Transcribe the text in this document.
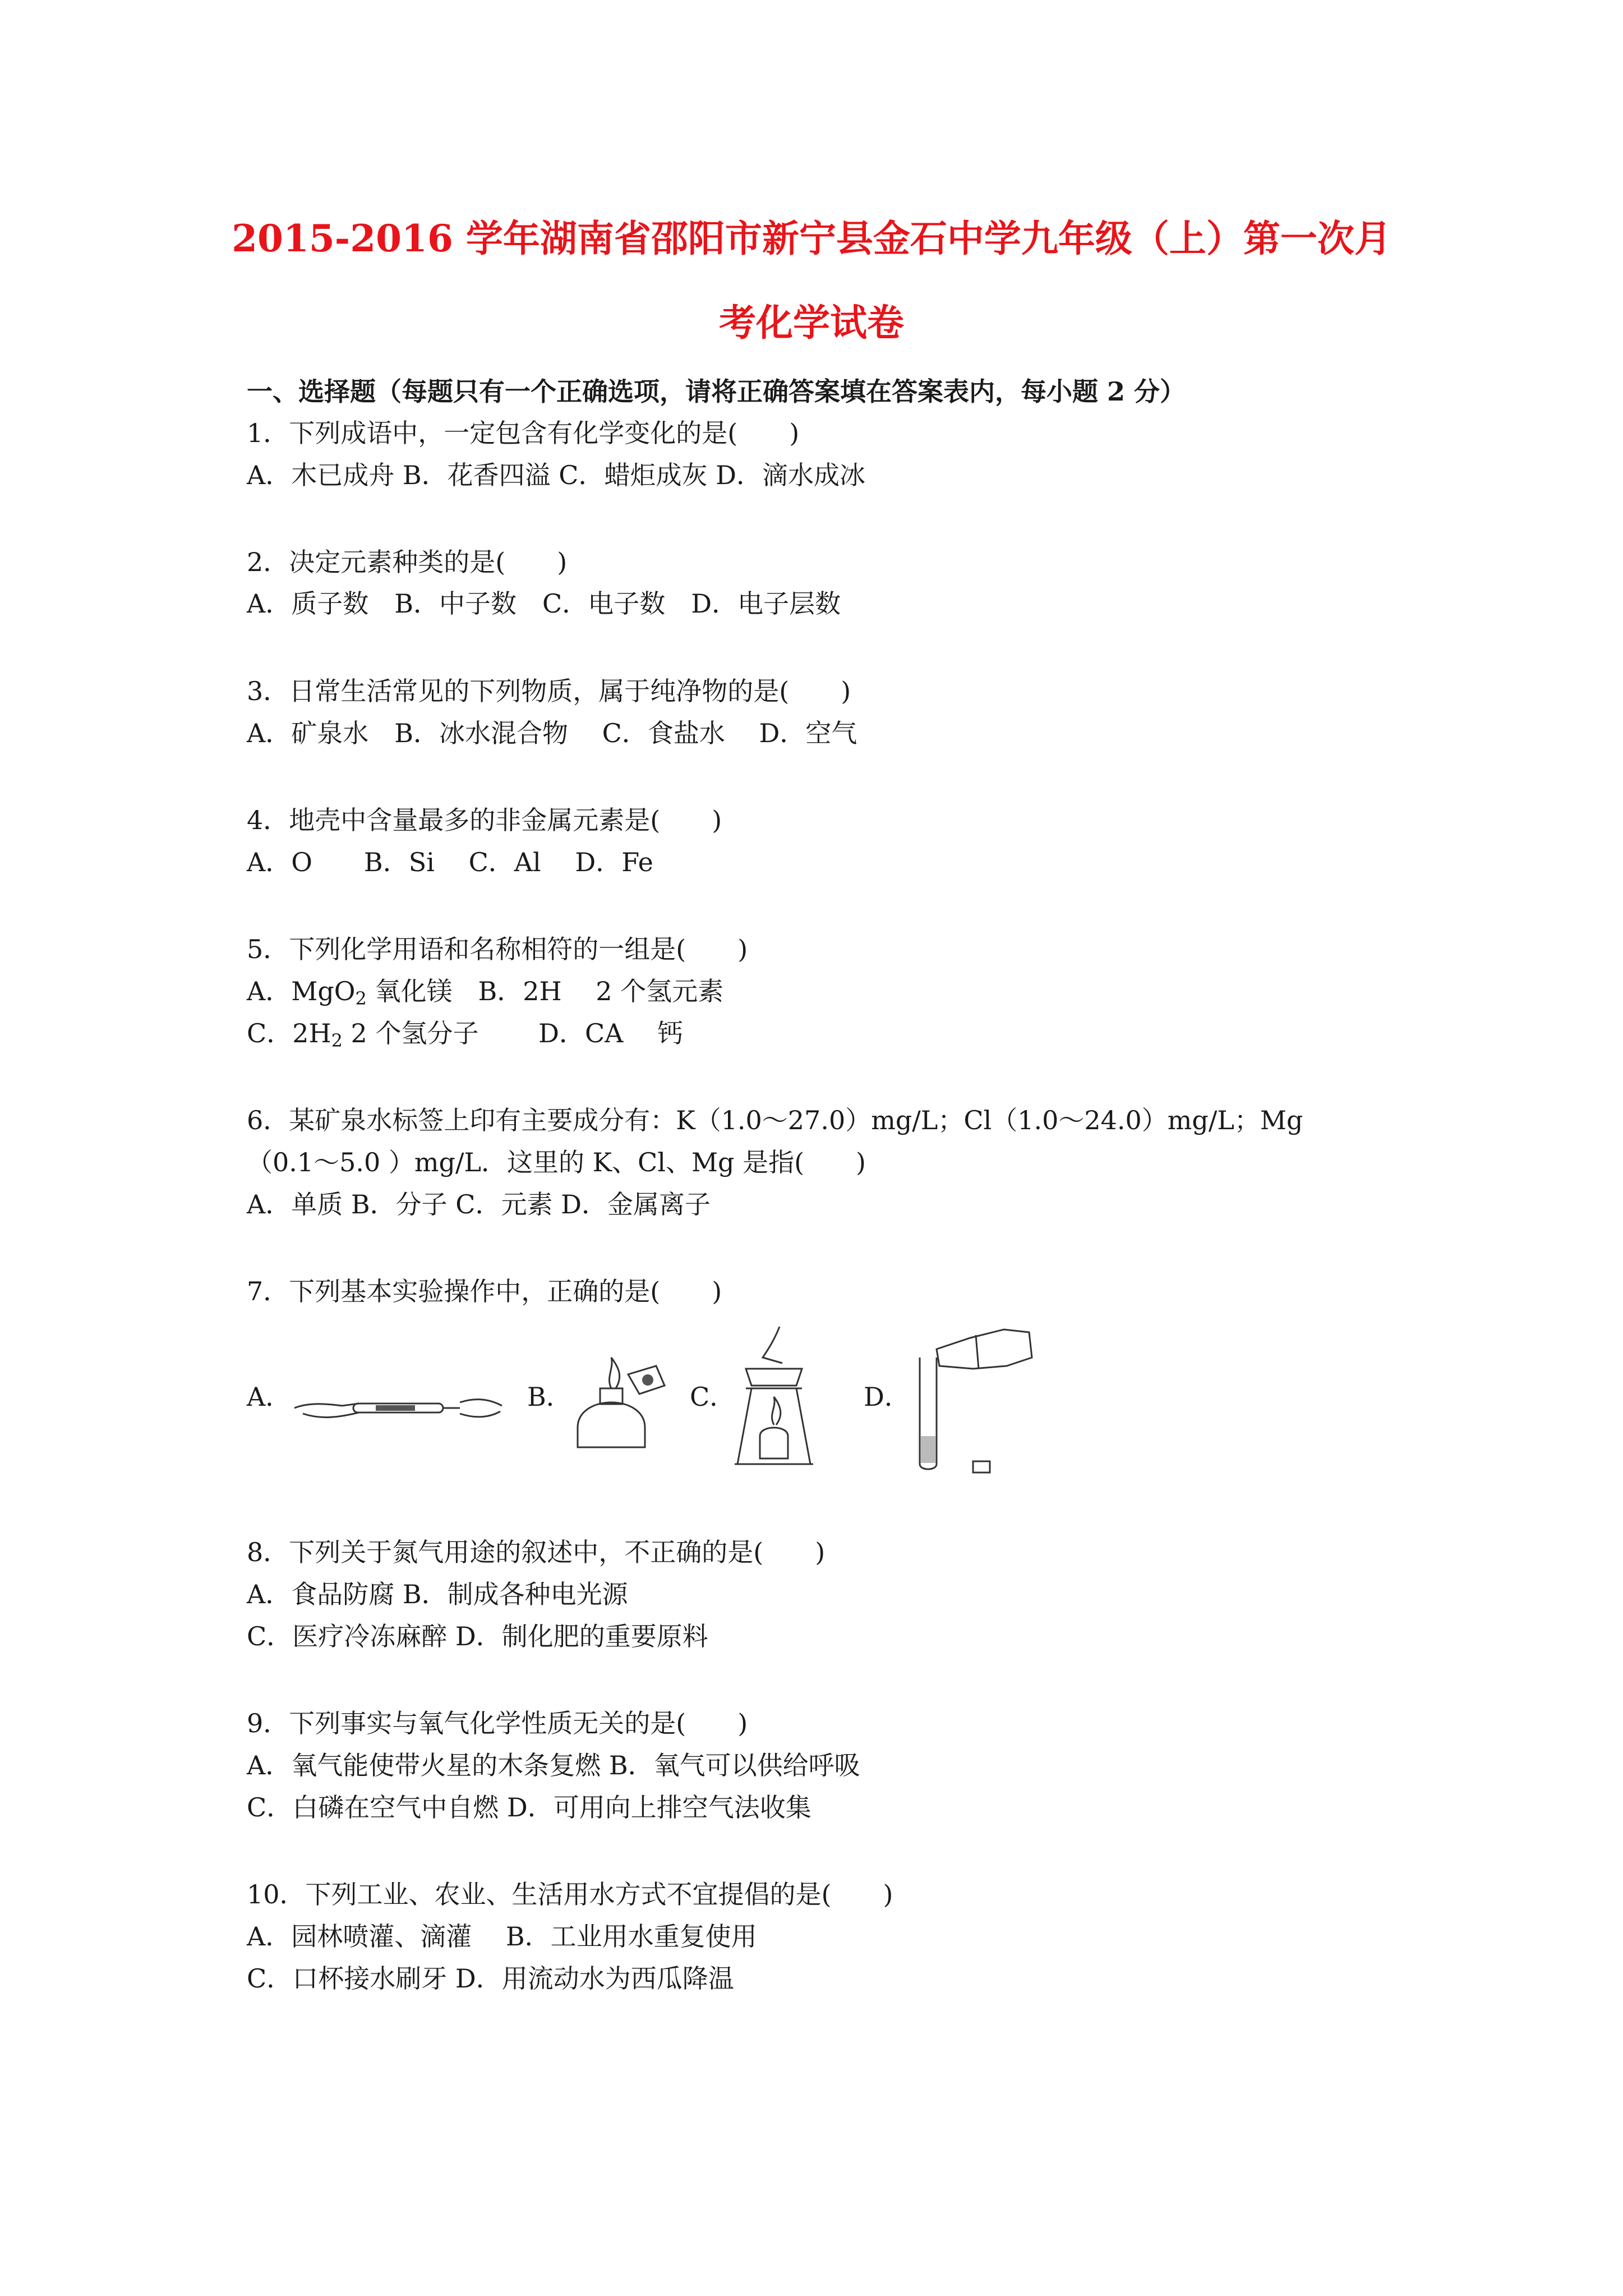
2015-2016 学年湖南省邵阳市新宁县金石中学九年级（上）第一次月
考化学试卷
一、选择题（每题只有一个正确选项，请将正确答案填在答案表内，每小题 2 分）
1．下列成语中，一定包含有化学变化的是(　　)
A．木已成舟 B．花香四溢 C．蜡炬成灰 D．滴水成冰
2．决定元素种类的是(　　)
A．质子数　B．中子数　C．电子数　D．电子层数
3．日常生活常见的下列物质，属于纯净物的是(　　)
A．矿泉水　B．冰水混合物　 C．食盐水　 D．空气
4．地壳中含量最多的非金属元素是(　　)
A．O　　B．Si　 C．Al　 D．Fe
5．下列化学用语和名称相符的一组是(　　)
A．MgO$_2$ 氧化镁　B．2H　 2 个氢元素
C．$2H_2$ 2 个氢分子　　 D．CA　 钙
6．某矿泉水标签上印有主要成分有：K（1.0～27.0）mg/L；Cl（1.0～24.0）mg/L；Mg
（0.1～5.0 ）mg/L．这里的 K、Cl、Mg 是指(　　)
A．单质 B．分子 C．元素 D．金属离子
7．下列基本实验操作中，正确的是(　　)
A．	B．	C．	D．
8．下列关于氮气用途的叙述中，不正确的是(　　)
A．食品防腐 B．制成各种电光源
C．医疗冷冻麻醉 D．制化肥的重要原料
9．下列事实与氧气化学性质无关的是(　　)
A．氧气能使带火星的木条复燃 B．氧气可以供给呼吸
C．白磷在空气中自燃 D．可用向上排空气法收集
10．下列工业、农业、生活用水方式不宜提倡的是(　　)
A．园林喷灌、滴灌　 B．工业用水重复使用
C．口杯接水刷牙 D．用流动水为西瓜降温
